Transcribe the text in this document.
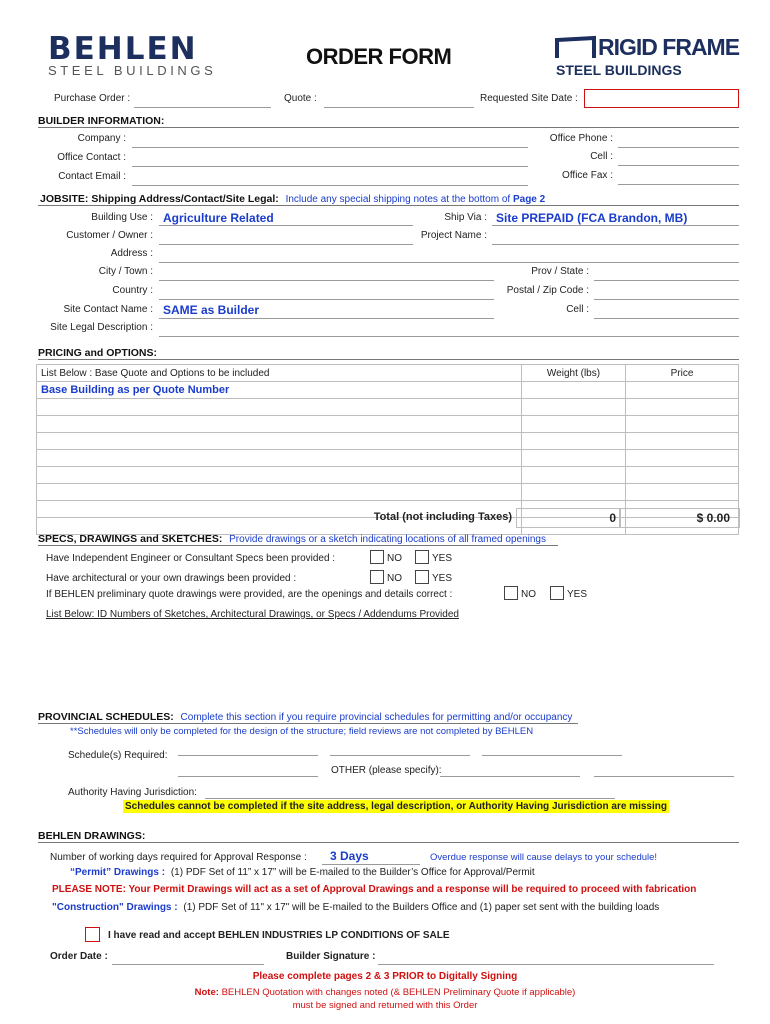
BEHLEN
STEEL BUILDINGS
ORDER FORM	RIGID FRAME
STEEL BUILDINGS
Purchase Order :	Quote :	Requested Site Date :
BUILDER INFORMATION:
Company :
Office Contact :
Contact Email :
Office Phone :
Cell :
Office Fax :
JOBSITE: Shipping Address/Contact/Site Legal: Include any special shipping notes at the bottom of Page 2
Building Use : Agriculture Related	Ship Via : Site PREPAID (FCA Brandon, MB)
Customer / Owner :	Project Name :
Address :
City / Town :	Prov / State :
Country :	Postal / Zip Code :
Site Contact Name : SAME as Builder	Cell :
Site Legal Description :
PRICING and OPTIONS:
List Below : Base Quote and Options to be included	Weight (lbs)	Price
Base Building as per Quote Number		

Total (not including Taxes)	0	$ 0.00
SPECS, DRAWINGS and SKETCHES: Provide drawings or a sketch indicating locations of all framed openings
Have Independent Engineer or Consultant Specs been provided :	NO	YES
Have architectural or your own drawings been provided :	NO	YES
If BEHLEN preliminary quote drawings were provided, are the openings and details correct :	NO	YES
List Below: ID Numbers of Sketches, Architectural Drawings, or Specs / Addendums Provided
PROVINCIAL SCHEDULES: Complete this section if you require provincial schedules for permitting and/or occupancy
**Schedules will only be completed for the design of the structure; field reviews are not completed by BEHLEN
Schedule(s) Required:
OTHER (please specify):
Authority Having Jurisdiction:
Schedules cannot be completed if the site address, legal description, or Authority Having Jurisdiction are missing
BEHLEN DRAWINGS:
Number of working days required for Approval Response : 3 Days	Overdue response will cause delays to your schedule!
“Permit” Drawings : (1) PDF Set of 11” x 17” will be E-mailed to the Builder’s Office for Approval/Permit
PLEASE NOTE: Your Permit Drawings will act as a set of Approval Drawings and a response will be required to proceed with fabrication
"Construction" Drawings : (1) PDF Set of 11" x 17" will be E-mailed to the Builders Office and (1) paper set sent with the building loads
I have read and accept BEHLEN INDUSTRIES LP CONDITIONS OF SALE
Order Date :	Builder Signature :
Please complete pages 2 & 3 PRIOR to Digitally Signing
Note: BEHLEN Quotation with changes noted (& BEHLEN Preliminary Quote if applicable)
must be signed and returned with this Order
